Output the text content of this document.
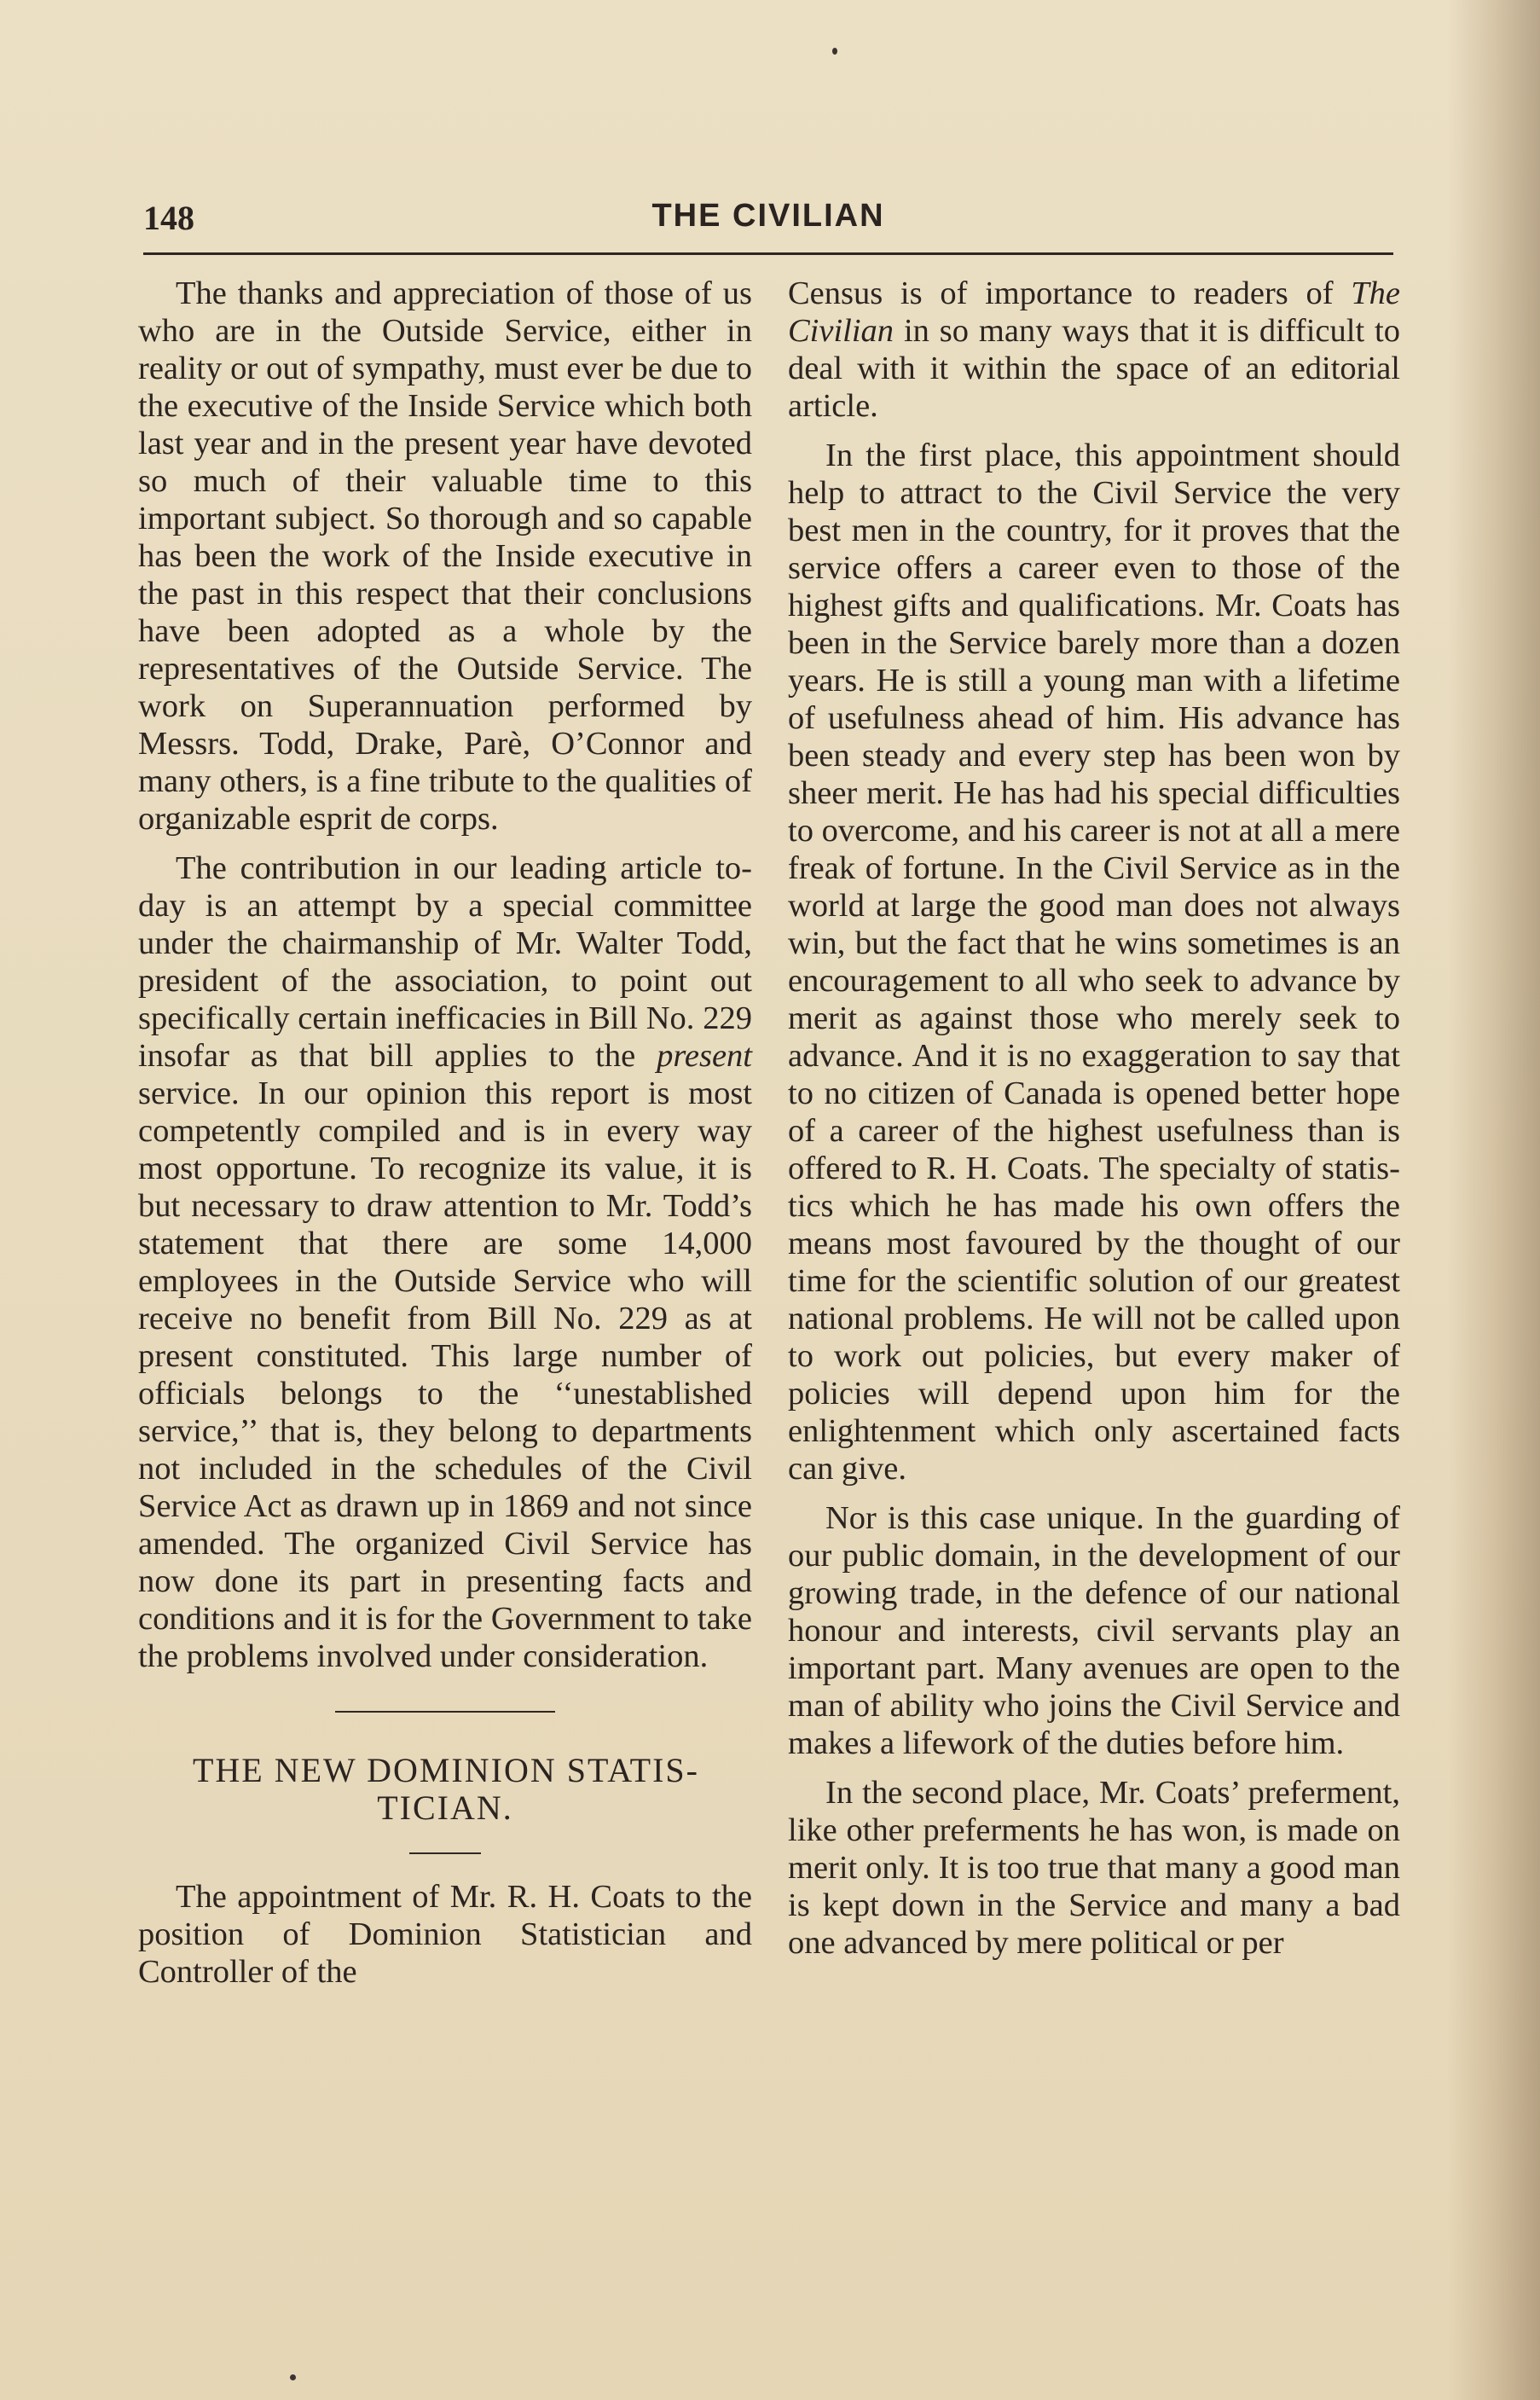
148	THE CIVILIAN

The thanks and appreciation of those of us who are in the Outside Service, either in reality or out of sympathy, must ever be due to the executive of the Inside Service which both last year and in the present year have devoted so much of their valuable time to this important subject. So thorough and so capable has been the work of the Inside executive in the past in this respect that their conclusions have been adopted as a whole by the representatives of the Outside Service. The work on Superannuation performed by Messrs. Todd, Drake, Parè, O’Connor and many others, is a fine tribute to the qualities of organizable esprit de corps.

The contribution in our leading article to-day is an attempt by a special committee under the chairmanship of Mr. Walter Todd, president of the association, to point out specifically certain inefficacies in Bill No. 229 insofar as that bill applies to the present service. In our opinion this report is most competently compiled and is in every way most opportune. To recognize its value, it is but necessary to draw attention to Mr. Todd’s statement that there are some 14,000 employees in the Outside Service who will receive no benefit from Bill No. 229 as at present constituted. This large number of officials belongs to the ‘‘unestablished service,’’ that is, they belong to departments not included in the schedules of the Civil Service Act as drawn up in 1869 and not since amended. The organized Civil Service has now done its part in presenting facts and conditions and it is for the Government to take the problems involved under consideration.

THE NEW DOMINION STATISTICIAN.

The appointment of Mr. R. H. Coats to the position of Dominion Statistician and Controller of the

Census is of importance to readers of The Civilian in so many ways that it is difficult to deal with it within the space of an editorial article.

In the first place, this appointment should help to attract to the Civil Service the very best men in the country, for it proves that the service offers a career even to those of the highest gifts and qualifications. Mr. Coats has been in the Service barely more than a dozen years. He is still a young man with a lifetime of usefulness ahead of him. His advance has been steady and every step has been won by sheer merit. He has had his special difficulties to overcome, and his career is not at all a mere freak of fortune. In the Civil Service as in the world at large the good man does not always win, but the fact that he wins sometimes is an encouragement to all who seek to advance by merit as against those who merely seek to advance. And it is no exaggeration to say that to no citizen of Canada is opened better hope of a career of the highest usefulness than is offered to R. H. Coats. The specialty of statistics which he has made his own offers the means most favoured by the thought of our time for the scientific solution of our greatest national problems. He will not be called upon to work out policies, but every maker of policies will depend upon him for the enlightenment which only ascertained facts can give.

Nor is this case unique. In the guarding of our public domain, in the development of our growing trade, in the defence of our national honour and interests, civil servants play an important part. Many avenues are open to the man of ability who joins the Civil Service and makes a lifework of the duties before him.

In the second place, Mr. Coats’ preferment, like other preferments he has won, is made on merit only. It is too true that many a good man is kept down in the Service and many a bad one advanced by mere political or per
